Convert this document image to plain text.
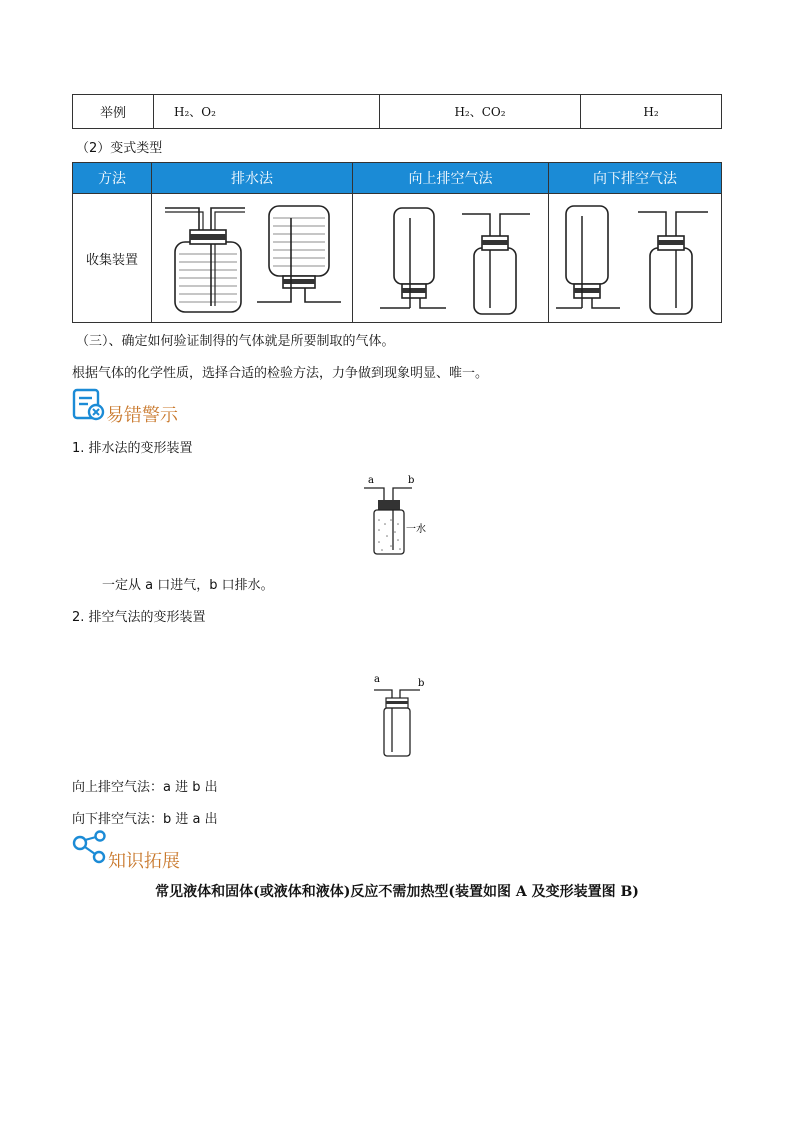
举例	H₂、O₂	H₂、CO₂	H₂
（2）变式类型
方法	排水法	向上排空气法	向下排空气法
收集装置	

（三）、确定如何验证制得的气体就是所要制取的气体。
根据气体的化学性质，选择合适的检验方法，力争做到现象明显、唯一。
易错警示
1. 排水法的变形装置
a	b
一水
一定从 a 口进气，b 口排水。
2. 排空气法的变形装置
a	b
向上排空气法：a 进 b 出
向下排空气法：b 进 a 出
知识拓展
常见液体和固体(或液体和液体)反应不需加热型(装置如图 A 及变形装置图 B)
